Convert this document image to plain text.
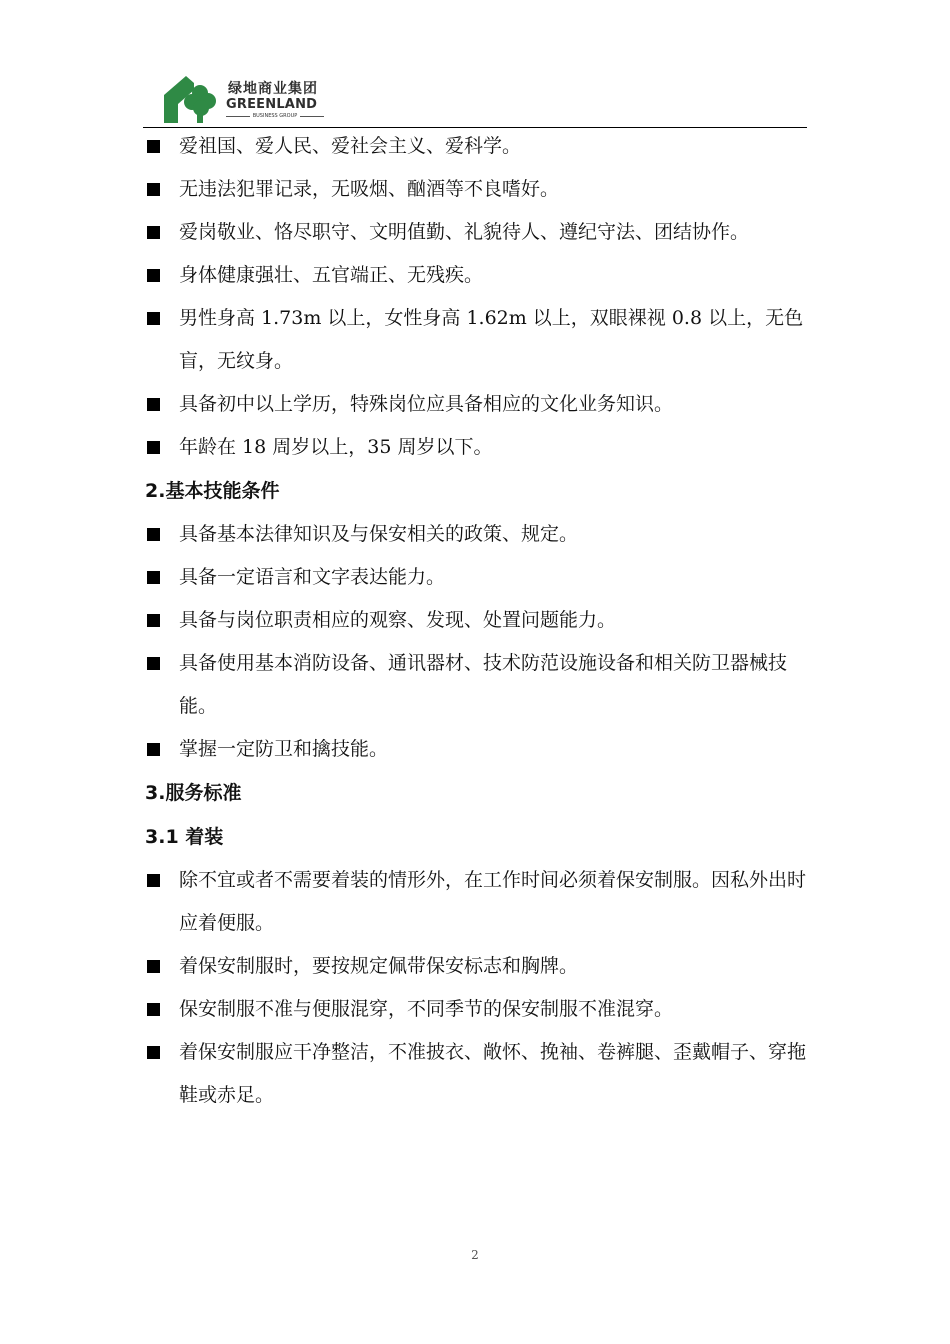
绿地商业集团
GREENLAND
BUSINESS GROUP
爱祖国、爱人民、爱社会主义、爱科学。
无违法犯罪记录，无吸烟、酗酒等不良嗜好。
爱岗敬业、恪尽职守、文明值勤、礼貌待人、遵纪守法、团结协作。
身体健康强壮、五官端正、无残疾。
男性身高 1.73m 以上，女性身高 1.62m 以上，双眼裸视 0.8 以上，无色盲，无纹身。
具备初中以上学历，特殊岗位应具备相应的文化业务知识。
年龄在 18 周岁以上，35 周岁以下。
2.基本技能条件
具备基本法律知识及与保安相关的政策、规定。
具备一定语言和文字表达能力。
具备与岗位职责相应的观察、发现、处置问题能力。
具备使用基本消防设备、通讯器材、技术防范设施设备和相关防卫器械技能。
掌握一定防卫和擒技能。
3.服务标准
3.1 着装
除不宜或者不需要着装的情形外，在工作时间必须着保安制服。因私外出时应着便服。
着保安制服时，要按规定佩带保安标志和胸牌。
保安制服不准与便服混穿，不同季节的保安制服不准混穿。
着保安制服应干净整洁，不准披衣、敞怀、挽袖、卷裤腿、歪戴帽子、穿拖鞋或赤足。
2
